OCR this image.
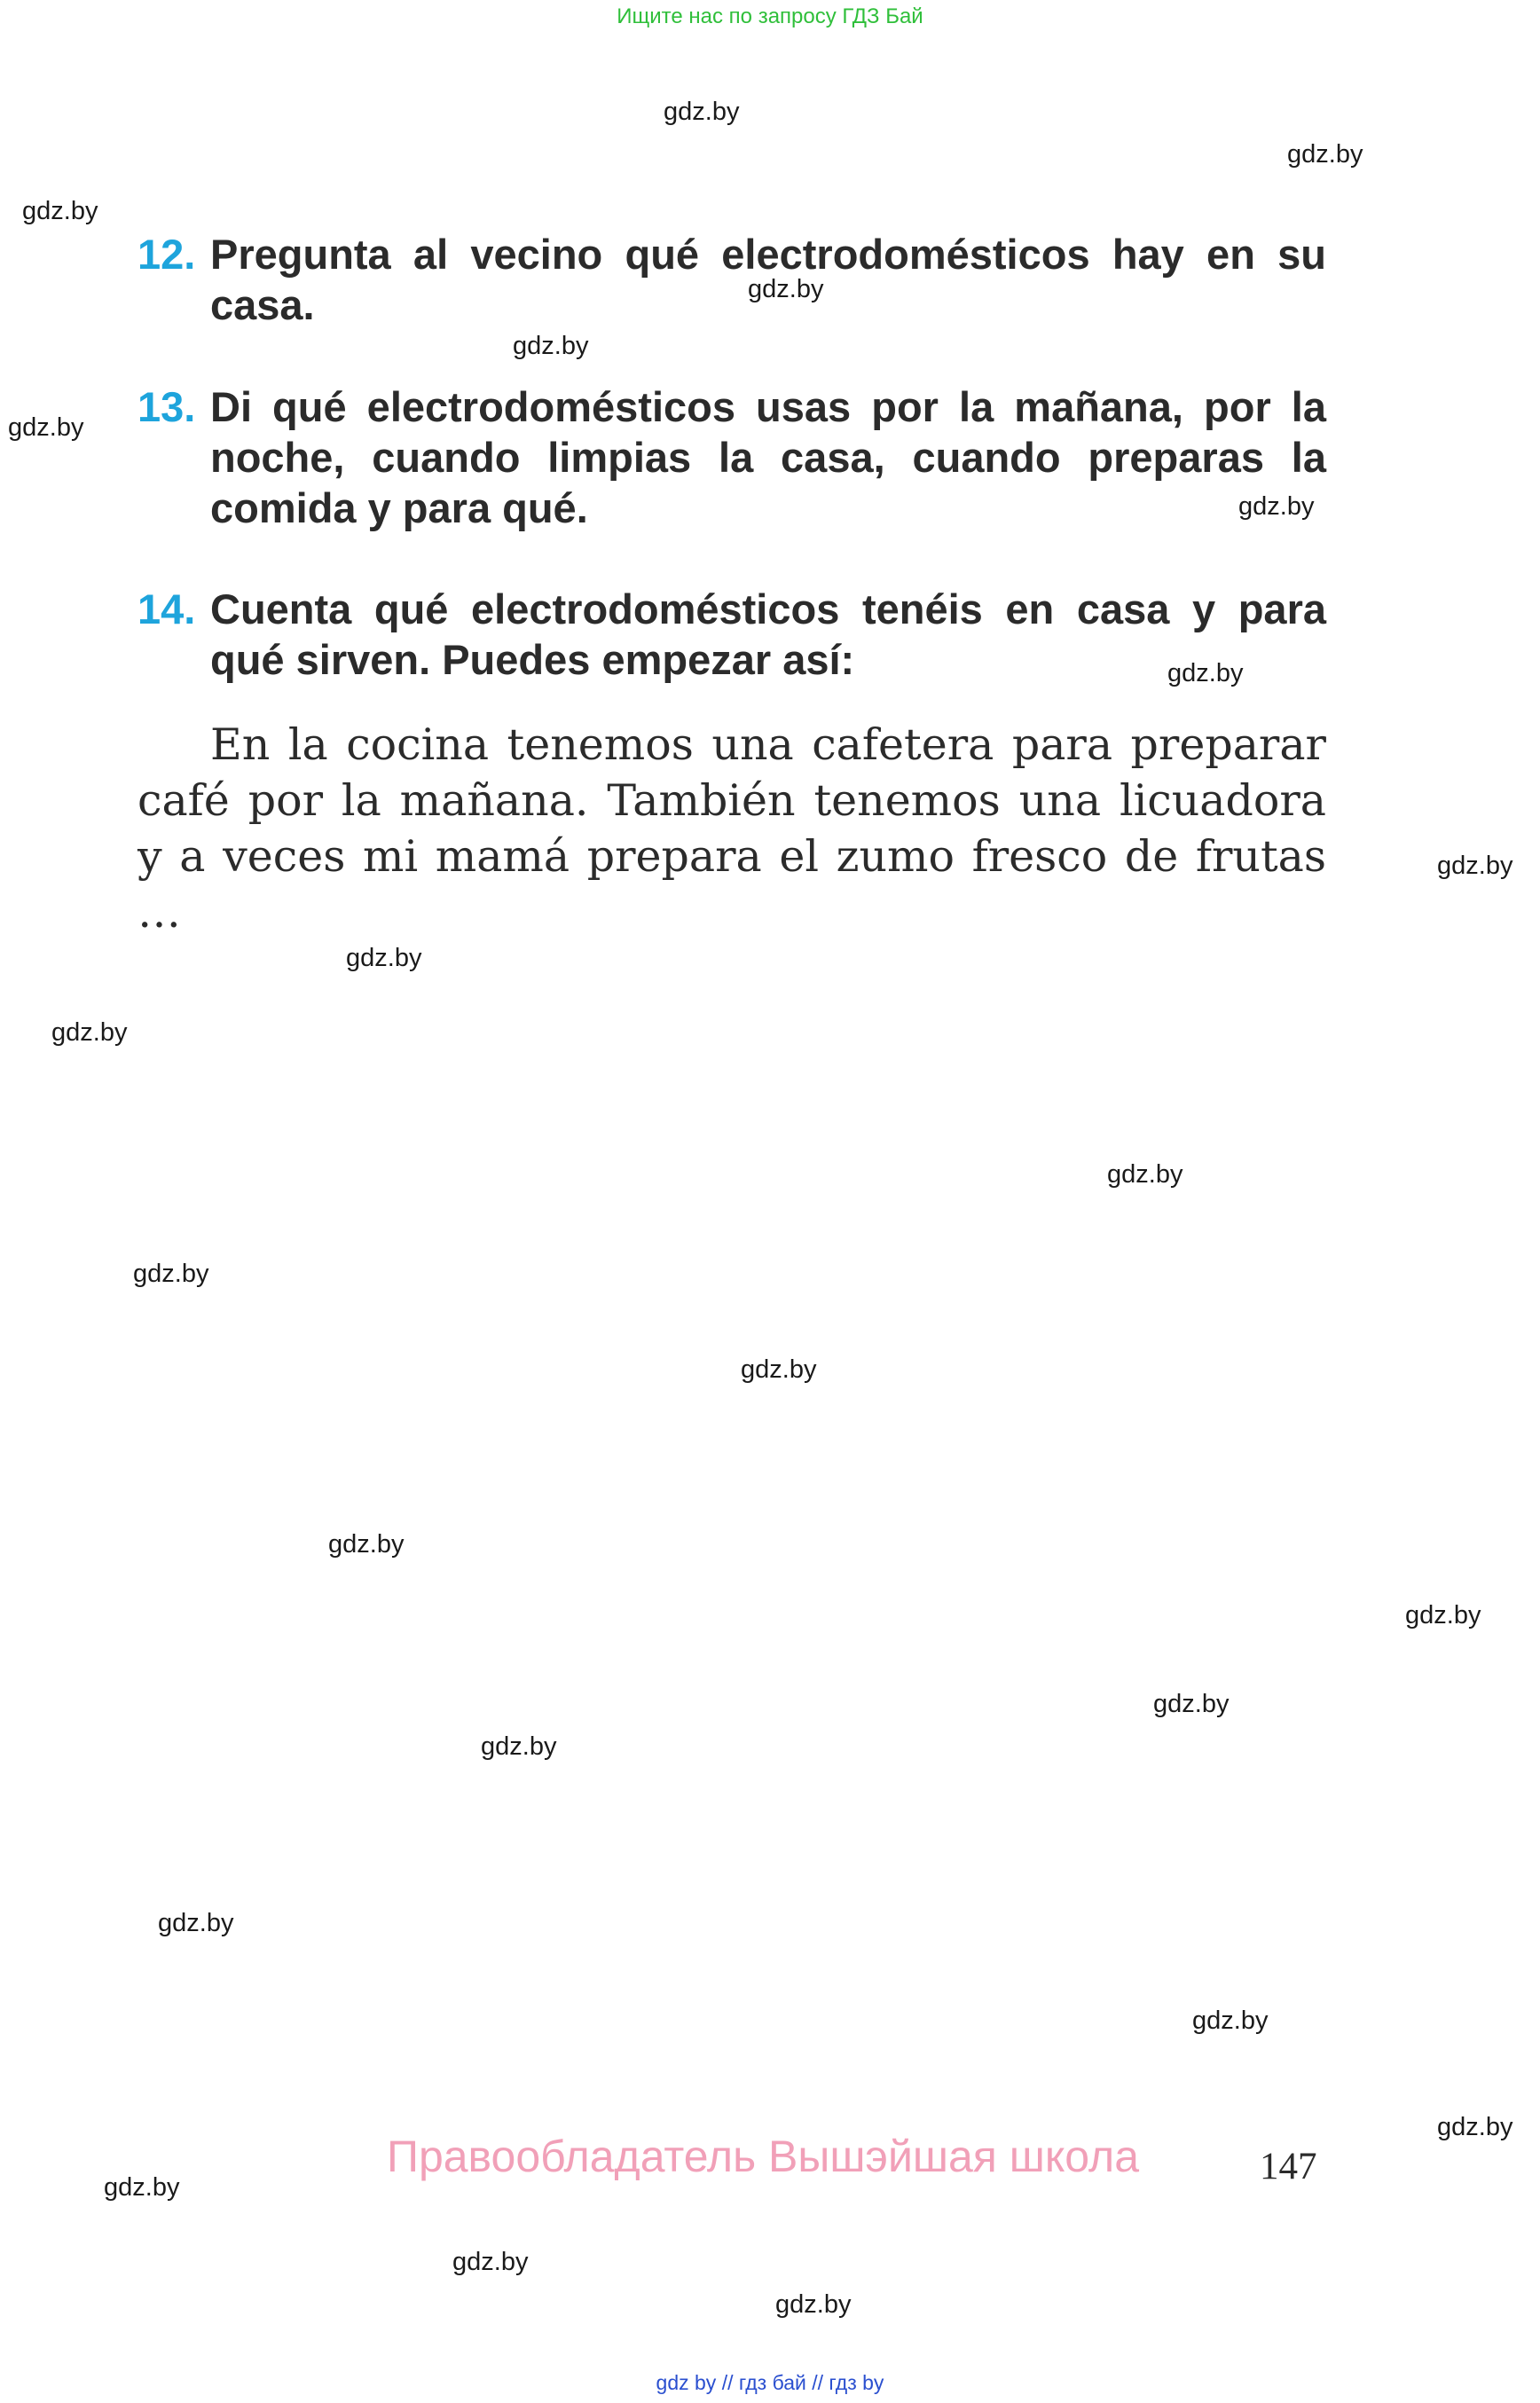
Ищите нас по запросу ГДЗ Бай
gdz.by
gdz.by
gdz.by
gdz.by
gdz.by
gdz.by
gdz.by
gdz.by
gdz.by
gdz.by
gdz.by
gdz.by
gdz.by
gdz.by
gdz.by
gdz.by
gdz.by
gdz.by
gdz.by
gdz.by
gdz.by
gdz.by
gdz.by
gdz.by
12. Pregunta al vecino qué electrodomésticos hay en su casa.
13. Di qué electrodomésticos usas por la mañana, por la noche, cuando limpias la casa, cuando preparas la comida y para qué.
14. Cuenta qué electrodomésticos tenéis en casa y para qué sirven. Puedes empezar así:
En la cocina tenemos una cafetera para preparar café por la mañana. También tenemos una licuadora y a veces mi mamá prepara el zumo fresco de frutas …
Правообладатель Вышэйшая школа	147
gdz by // гдз бай // гдз by
